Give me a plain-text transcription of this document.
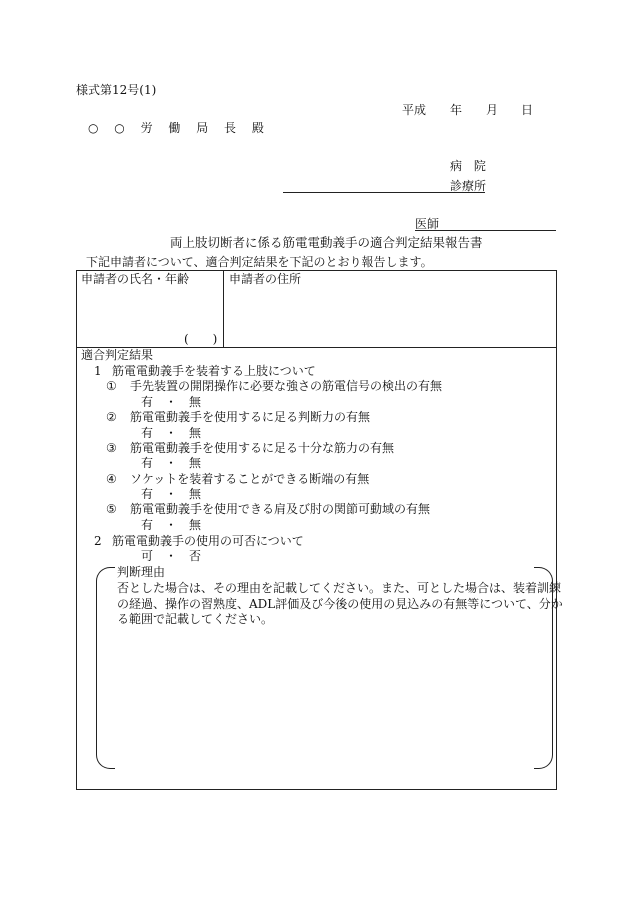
様式第12号(1)
平成 年 月 日
○ ○ 労 働 局 長 殿
病 院
診療所
医師
両上肢切断者に係る筋電電動義手の適合判定結果報告書
下記申請者について、適合判定結果を下記のとおり報告します。
申請者の氏名・年齢
(　　)
申請者の住所
適合判定結果
1 筋電電動義手を装着する上肢について
① 手先装置の開閉操作に必要な強さの筋電信号の検出の有無
有　・　無
② 筋電電動義手を使用するに足る判断力の有無
有　・　無
③ 筋電電動義手を使用するに足る十分な筋力の有無
有　・　無
④ ソケットを装着することができる断端の有無
有　・　無
⑤ 筋電電動義手を使用できる肩及び肘の関節可動域の有無
有　・　無
2 筋電電動義手の使用の可否について
可　・　否
判断理由
否とした場合は、その理由を記載してください。また、可とした場合は、装着訓練
の経過、操作の習熟度、ADL評価及び今後の使用の見込みの有無等について、分か
る範囲で記載してください。
